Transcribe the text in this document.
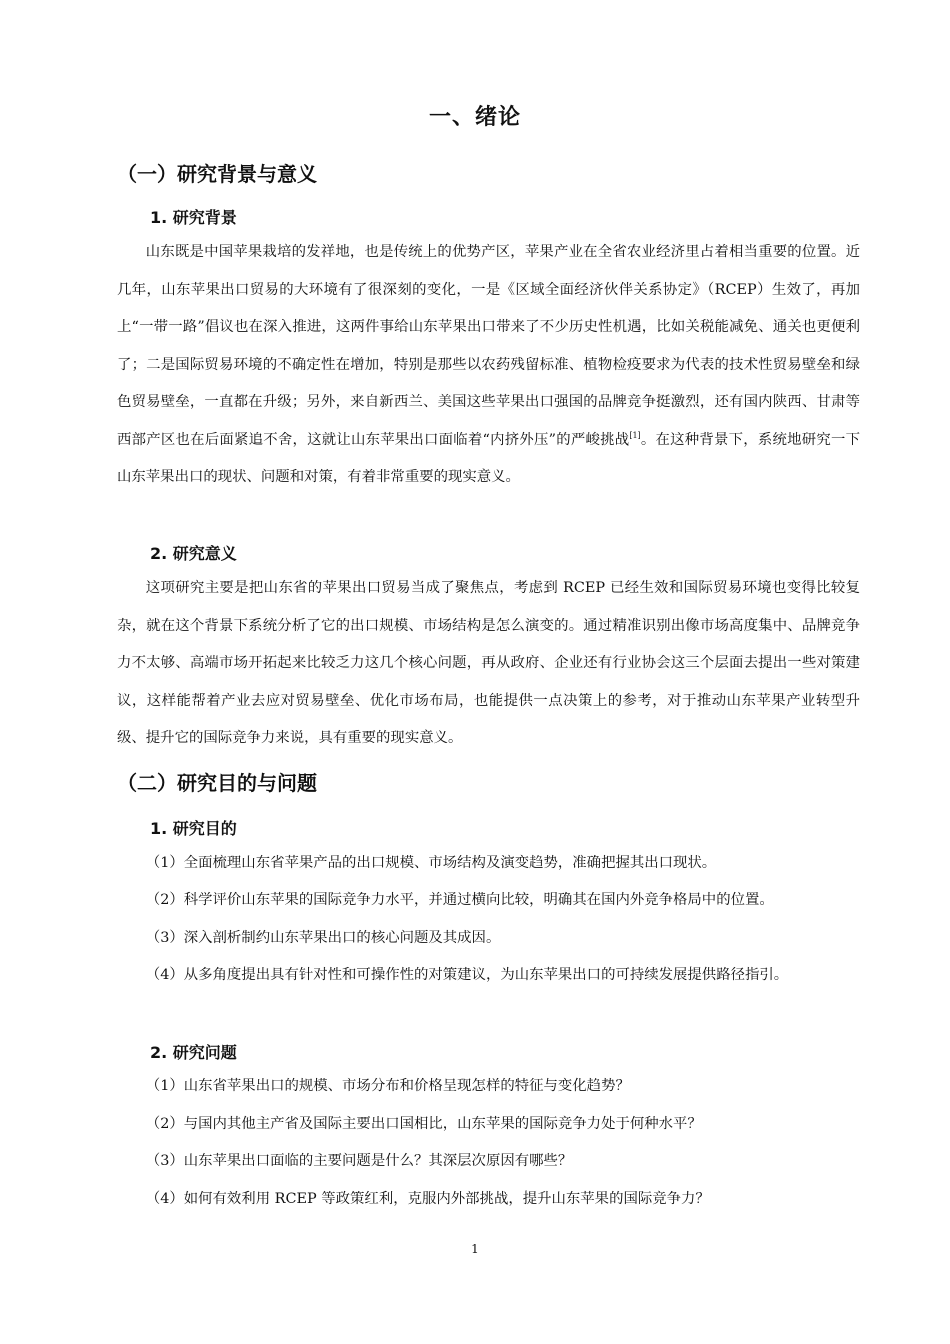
一、绪论
（一）研究背景与意义
1. 研究背景

山东既是中国苹果栽培的发祥地，也是传统上的优势产区，苹果产业在全省农业经济里占着相当重要的位置。近几年，山东苹果出口贸易的大环境有了很深刻的变化，一是《区域全面经济伙伴关系协定》（RCEP）生效了，再加上“一带一路”倡议也在深入推进，这两件事给山东苹果出口带来了不少历史性机遇，比如关税能减免、通关也更便利了；二是国际贸易环境的不确定性在增加，特别是那些以农药残留标准、植物检疫要求为代表的技术性贸易壁垒和绿色贸易壁垒，一直都在升级；另外，来自新西兰、美国这些苹果出口强国的品牌竞争挺激烈，还有国内陕西、甘肃等西部产区也在后面紧追不舍，这就让山东苹果出口面临着“内挤外压”的严峻挑战[1]。在这种背景下，系统地研究一下山东苹果出口的现状、问题和对策，有着非常重要的现实意义。

2. 研究意义

这项研究主要是把山东省的苹果出口贸易当成了聚焦点，考虑到 RCEP 已经生效和国际贸易环境也变得比较复杂，就在这个背景下系统分析了它的出口规模、市场结构是怎么演变的。通过精准识别出像市场高度集中、品牌竞争力不太够、高端市场开拓起来比较乏力这几个核心问题，再从政府、企业还有行业协会这三个层面去提出一些对策建议，这样能帮着产业去应对贸易壁垒、优化市场布局，也能提供一点决策上的参考，对于推动山东苹果产业转型升级、提升它的国际竞争力来说，具有重要的现实意义。

（二）研究目的与问题
1. 研究目的

（1）全面梳理山东省苹果产品的出口规模、市场结构及演变趋势，准确把握其出口现状。

（2）科学评价山东苹果的国际竞争力水平，并通过横向比较，明确其在国内外竞争格局中的位置。

（3）深入剖析制约山东苹果出口的核心问题及其成因。

（4）从多角度提出具有针对性和可操作性的对策建议，为山东苹果出口的可持续发展提供路径指引。

2. 研究问题

（1）山东省苹果出口的规模、市场分布和价格呈现怎样的特征与变化趋势？

（2）与国内其他主产省及国际主要出口国相比，山东苹果的国际竞争力处于何种水平？

（3）山东苹果出口面临的主要问题是什么？其深层次原因有哪些？

（4）如何有效利用 RCEP 等政策红利，克服内外部挑战，提升山东苹果的国际竞争力？

1
